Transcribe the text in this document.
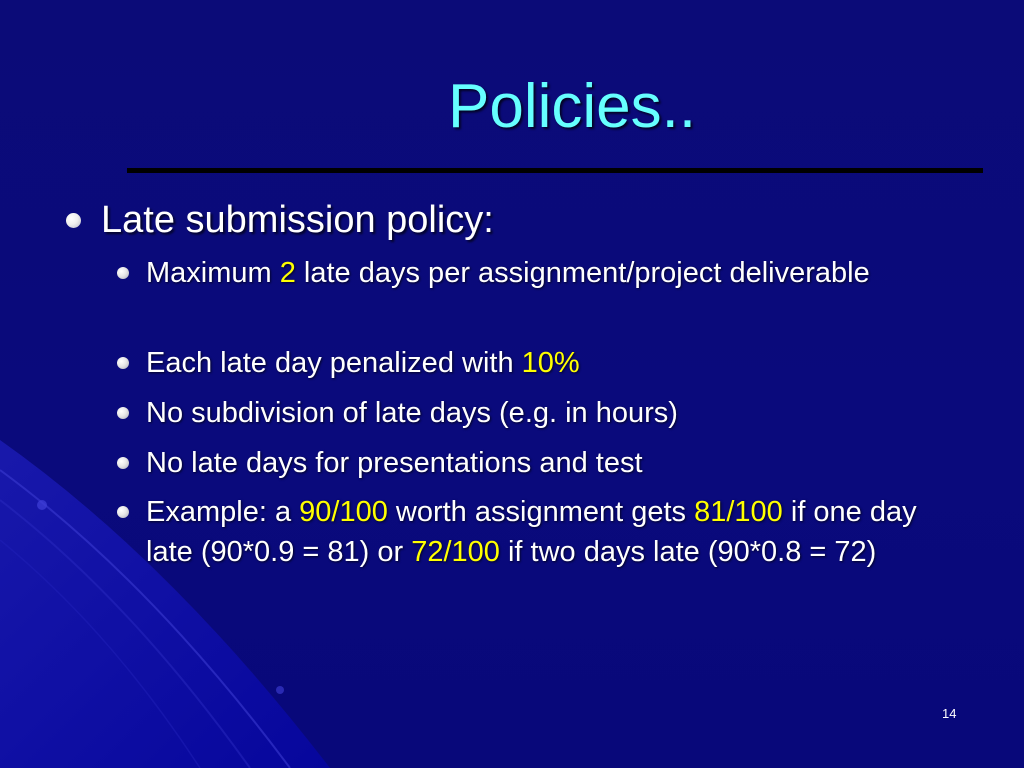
Policies..
Late submission policy:
Maximum 2 late days per assignment/project deliverable
Each late day penalized with 10%
No subdivision of late days (e.g. in hours)
No late days for presentations and test
Example: a 90/100 worth assignment gets 81/100 if one day late (90*0.9 = 81) or 72/100 if two days late (90*0.8 = 72)
14
